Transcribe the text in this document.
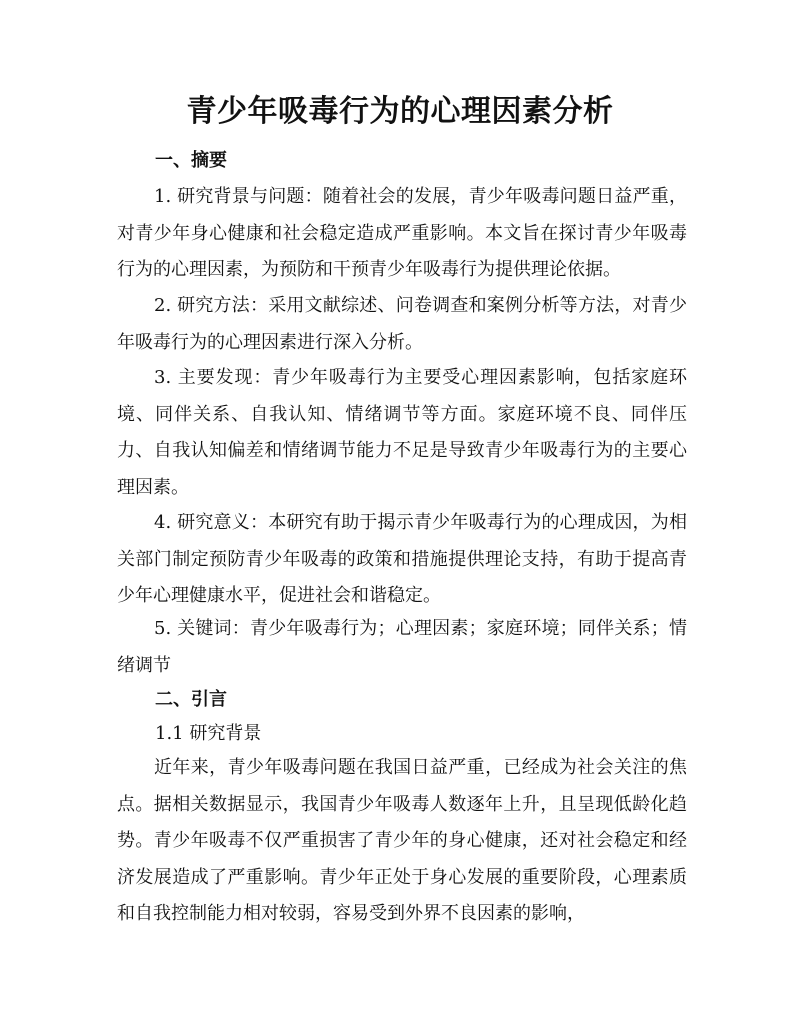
青少年吸毒行为的心理因素分析
一、摘要

1. 研究背景与问题：随着社会的发展，青少年吸毒问题日益严重，对青少年身心健康和社会稳定造成严重影响。本文旨在探讨青少年吸毒行为的心理因素，为预防和干预青少年吸毒行为提供理论依据。

2. 研究方法：采用文献综述、问卷调查和案例分析等方法，对青少年吸毒行为的心理因素进行深入分析。

3. 主要发现：青少年吸毒行为主要受心理因素影响，包括家庭环境、同伴关系、自我认知、情绪调节等方面。家庭环境不良、同伴压力、自我认知偏差和情绪调节能力不足是导致青少年吸毒行为的主要心理因素。

4. 研究意义：本研究有助于揭示青少年吸毒行为的心理成因，为相关部门制定预防青少年吸毒的政策和措施提供理论支持，有助于提高青少年心理健康水平，促进社会和谐稳定。

5. 关键词：青少年吸毒行为；心理因素；家庭环境；同伴关系；情绪调节

二、引言
1.1 研究背景

近年来，青少年吸毒问题在我国日益严重，已经成为社会关注的焦点。据相关数据显示，我国青少年吸毒人数逐年上升，且呈现低龄化趋势。青少年吸毒不仅严重损害了青少年的身心健康，还对社会稳定和经济发展造成了严重影响。青少年正处于身心发展的重要阶段，心理素质和自我控制能力相对较弱，容易受到外界不良因素的影响，
